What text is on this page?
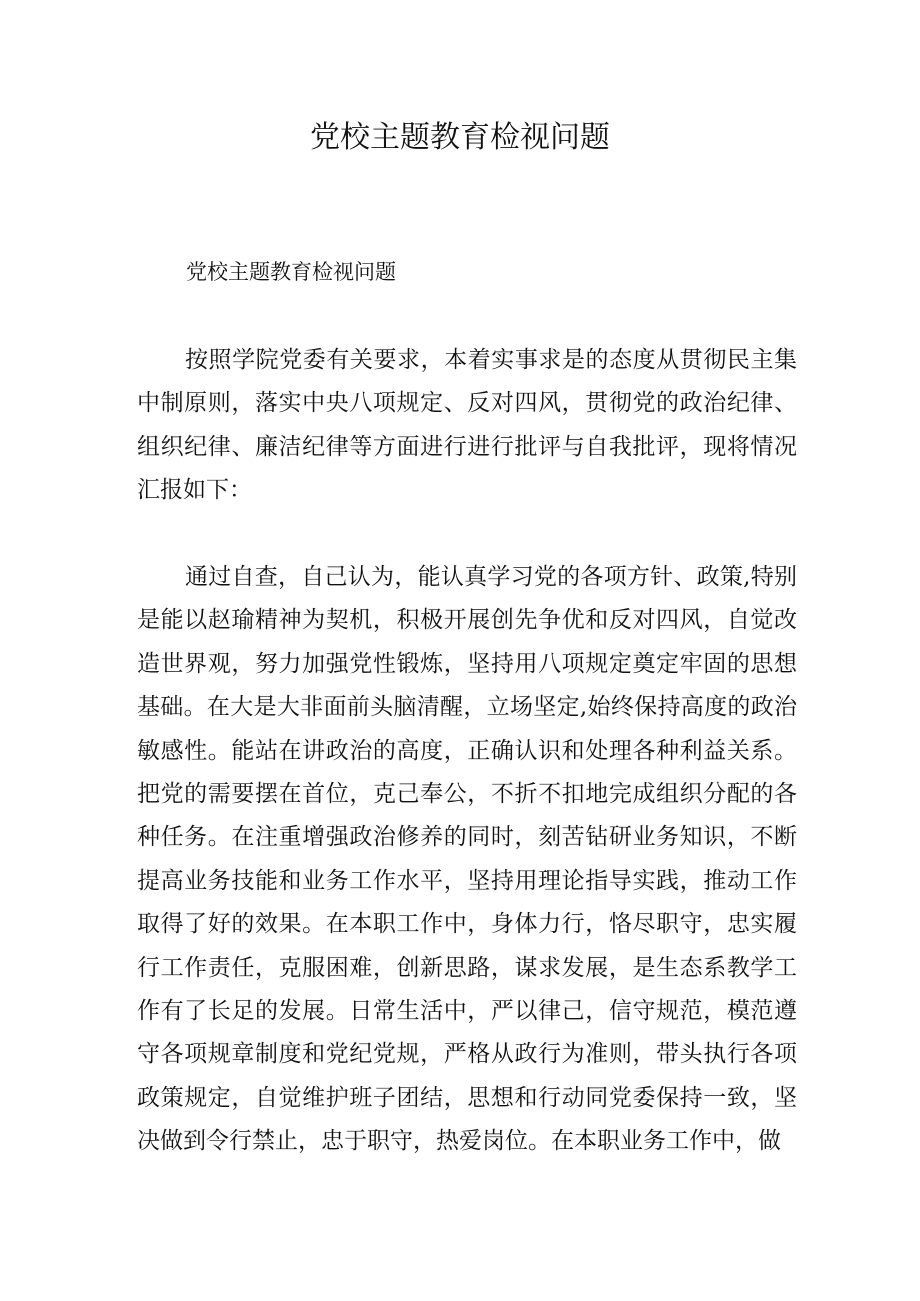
党校主题教育检视问题

党校主题教育检视问题

按照学院党委有关要求，本着实事求是的态度从贯彻民主集中制原则，落实中央八项规定、反对四风，贯彻党的政治纪律、组织纪律、廉洁纪律等方面进行进行批评与自我批评，现将情况汇报如下：

通过自查，自己认为，能认真学习党的各项方针、政策,特别是能以赵瑜精神为契机，积极开展创先争优和反对四风，自觉改造世界观，努力加强党性锻炼，坚持用八项规定奠定牢固的思想基础。在大是大非面前头脑清醒，立场坚定,始终保持高度的政治敏感性。能站在讲政治的高度，正确认识和处理各种利益关系。把党的需要摆在首位，克己奉公，不折不扣地完成组织分配的各种任务。在注重增强政治修养的同时，刻苦钻研业务知识，不断提高业务技能和业务工作水平，坚持用理论指导实践，推动工作取得了好的效果。在本职工作中，身体力行，恪尽职守，忠实履行工作责任，克服困难，创新思路，谋求发展，是生态系教学工作有了长足的发展。日常生活中，严以律己，信守规范，模范遵守各项规章制度和党纪党规，严格从政行为准则，带头执行各项政策规定，自觉维护班子团结，思想和行动同党委保持一致，坚决做到令行禁止，忠于职守，热爱岗位。在本职业务工作中，做
